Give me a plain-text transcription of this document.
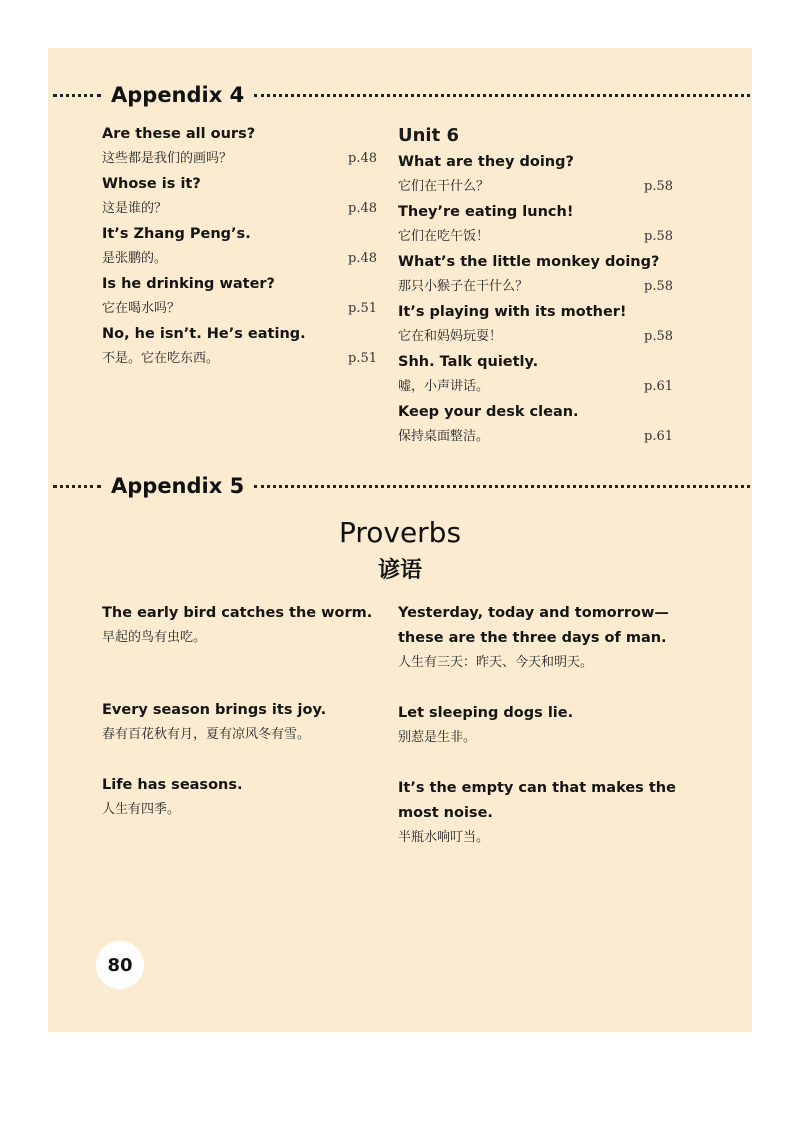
Appendix 4
Are these all ours?
这些都是我们的画吗？	p.48
Whose is it?
这是谁的？	p.48
It’s Zhang Peng’s.
是张鹏的。	p.48
Is he drinking water?
它在喝水吗？	p.51
No, he isn’t. He’s eating.
不是。它在吃东西。	p.51
Unit 6
What are they doing?
它们在干什么？	p.58
They’re eating lunch!
它们在吃午饭！	p.58
What’s the little monkey doing?
那只小猴子在干什么？	p.58
It’s playing with its mother!
它在和妈妈玩耍！	p.58
Shh. Talk quietly.
嘘，小声讲话。	p.61
Keep your desk clean.
保持桌面整洁。	p.61
Appendix 5
Proverbs
谚语
The early bird catches the worm.
早起的鸟有虫吃。
Every season brings its joy.
春有百花秋有月，夏有凉风冬有雪。
Life has seasons.
人生有四季。
Yesterday, today and tomorrow—these are the three days of man.
人生有三天：昨天、今天和明天。
Let sleeping dogs lie.
别惹是生非。
It’s the empty can that makes the most noise.
半瓶水响叮当。
80
